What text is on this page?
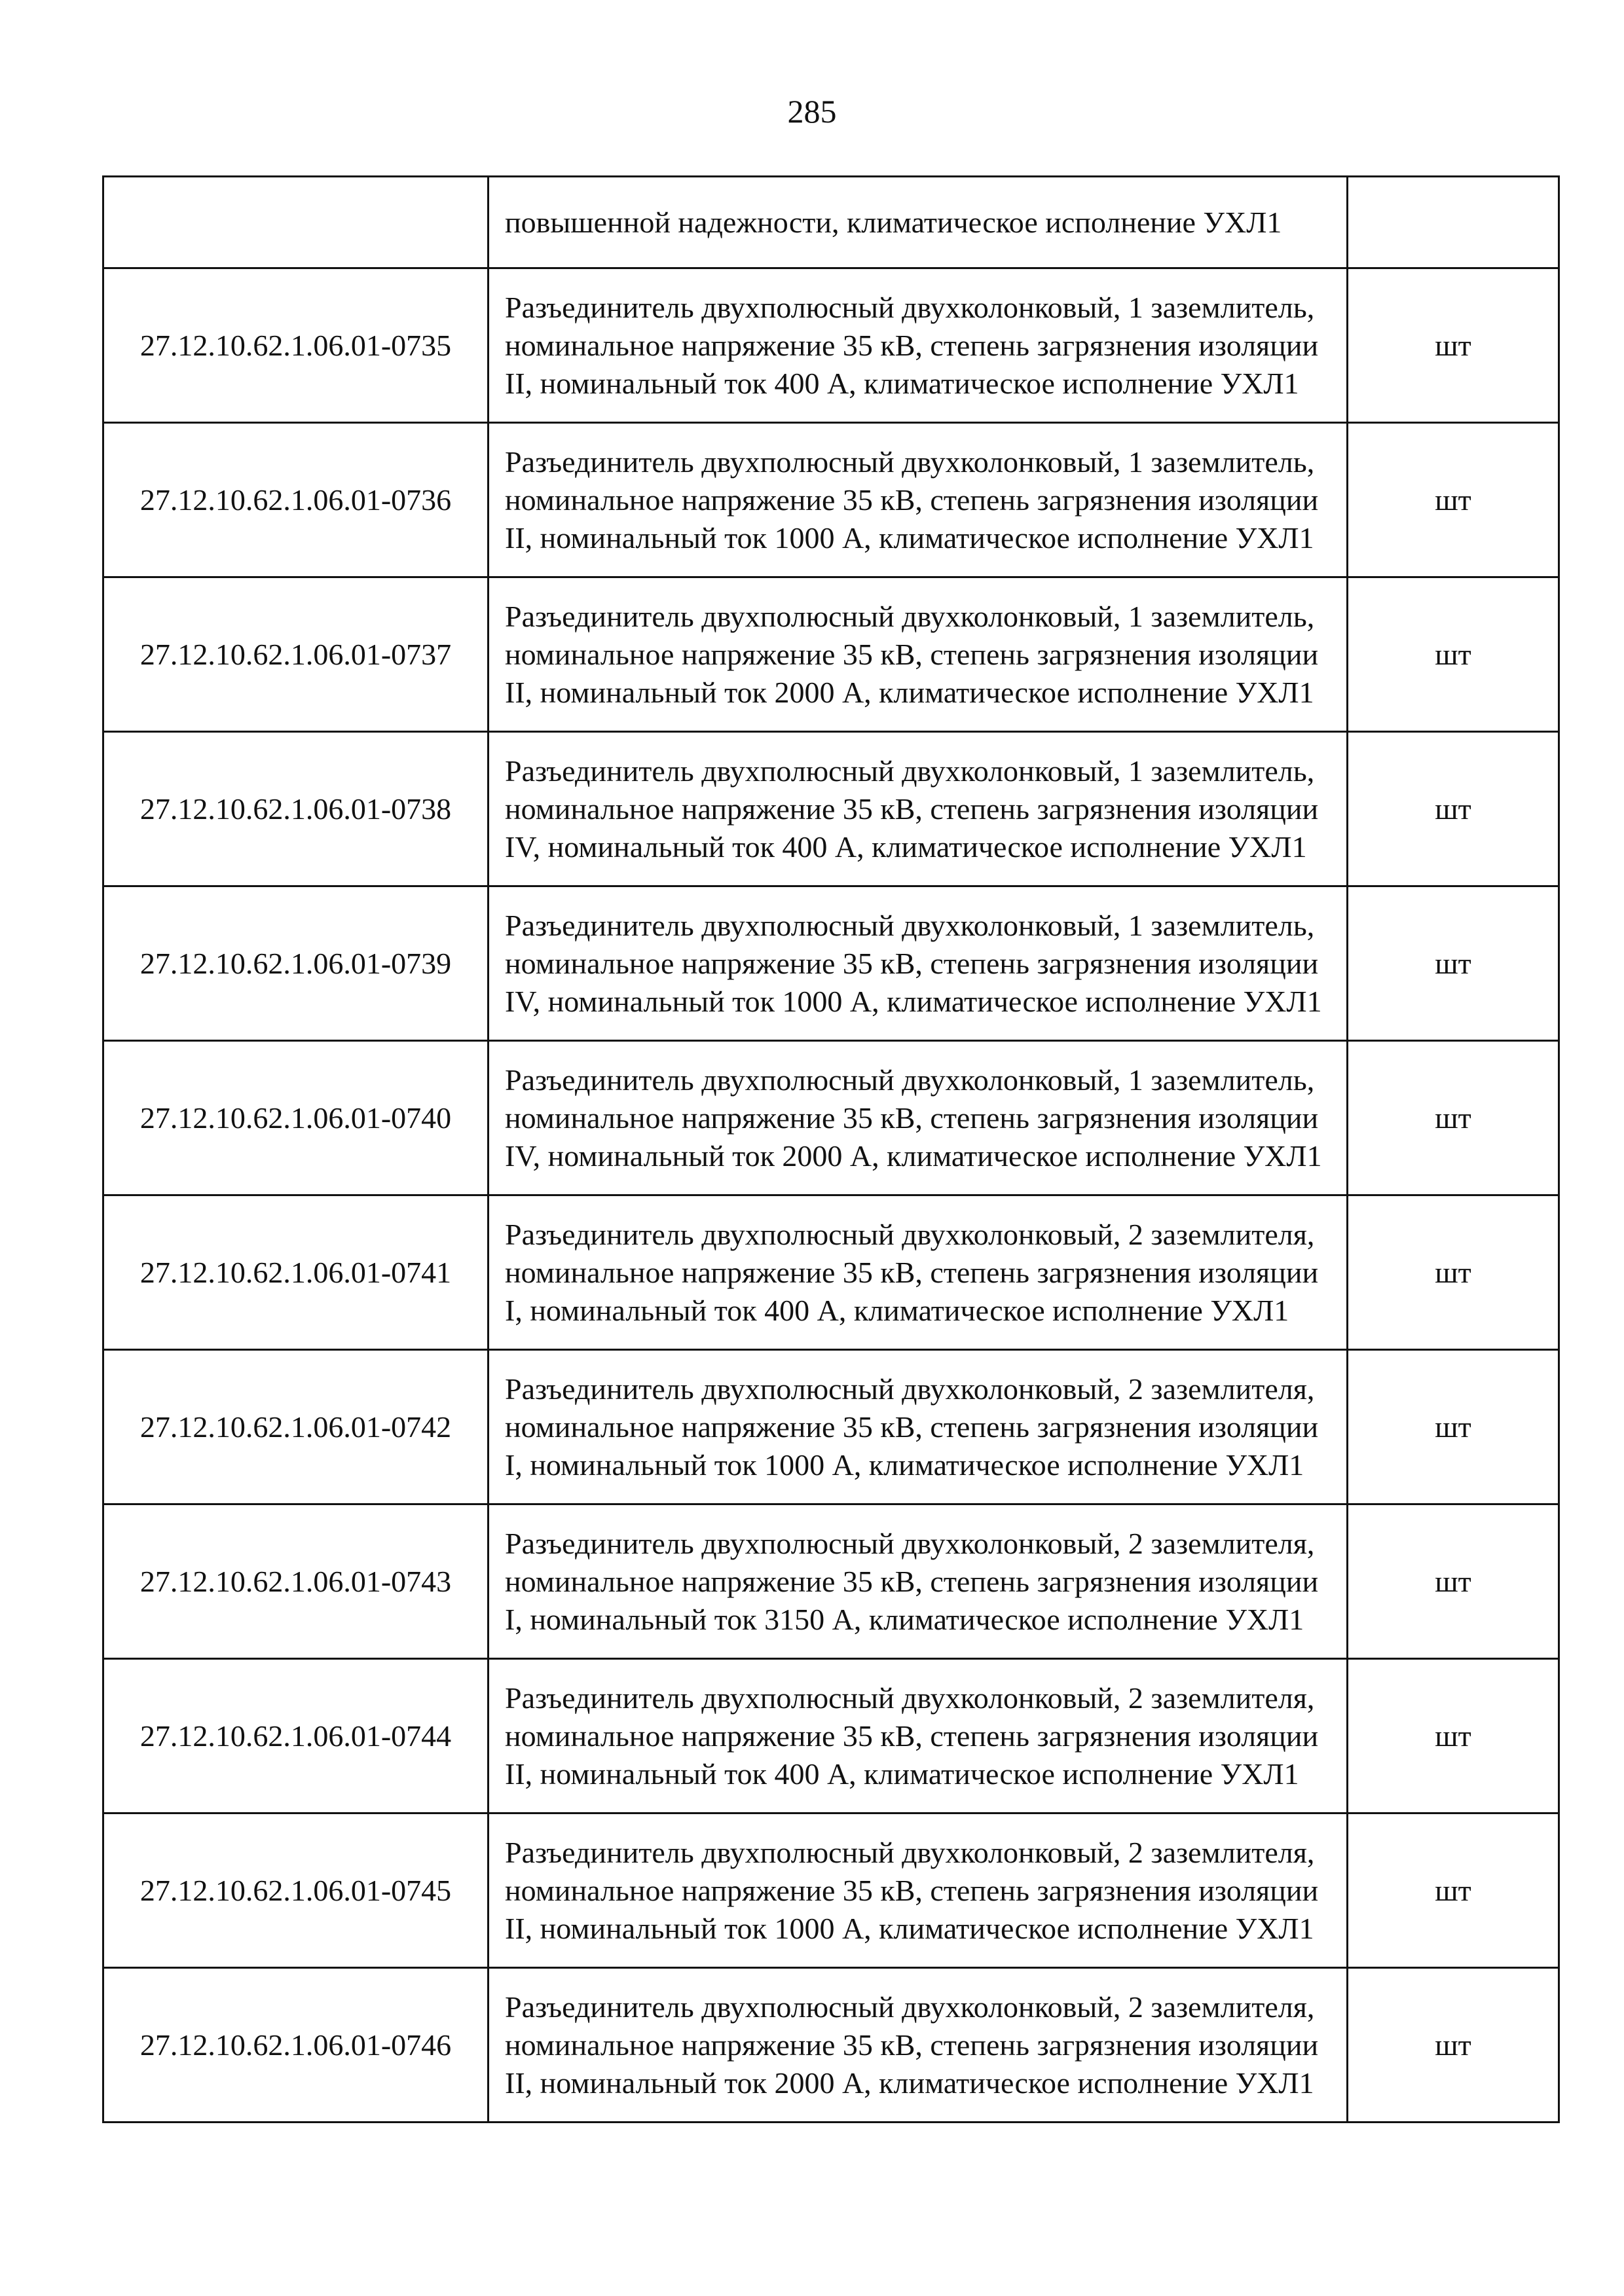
285
	повышенной надежности, климатическое исполнение УХЛ1	
27.12.10.62.1.06.01-0735	Разъединитель двухполюсный двухколонковый, 1 заземлитель, номинальное напряжение 35 кВ, степень загрязнения изоляции II, номинальный ток 400 А, климатическое исполнение УХЛ1	шт
27.12.10.62.1.06.01-0736	Разъединитель двухполюсный двухколонковый, 1 заземлитель, номинальное напряжение 35 кВ, степень загрязнения изоляции II, номинальный ток 1000 А, климатическое исполнение УХЛ1	шт
27.12.10.62.1.06.01-0737	Разъединитель двухполюсный двухколонковый, 1 заземлитель, номинальное напряжение 35 кВ, степень загрязнения изоляции II, номинальный ток 2000 А, климатическое исполнение УХЛ1	шт
27.12.10.62.1.06.01-0738	Разъединитель двухполюсный двухколонковый, 1 заземлитель, номинальное напряжение 35 кВ, степень загрязнения изоляции IV, номинальный ток 400 А, климатическое исполнение УХЛ1	шт
27.12.10.62.1.06.01-0739	Разъединитель двухполюсный двухколонковый, 1 заземлитель, номинальное напряжение 35 кВ, степень загрязнения изоляции IV, номинальный ток 1000 А, климатическое исполнение УХЛ1	шт
27.12.10.62.1.06.01-0740	Разъединитель двухполюсный двухколонковый, 1 заземлитель, номинальное напряжение 35 кВ, степень загрязнения изоляции IV, номинальный ток 2000 А, климатическое исполнение УХЛ1	шт
27.12.10.62.1.06.01-0741	Разъединитель двухполюсный двухколонковый, 2 заземлителя, номинальное напряжение 35 кВ, степень загрязнения изоляции I, номинальный ток 400 А, климатическое исполнение УХЛ1	шт
27.12.10.62.1.06.01-0742	Разъединитель двухполюсный двухколонковый, 2 заземлителя, номинальное напряжение 35 кВ, степень загрязнения изоляции I, номинальный ток 1000 А, климатическое исполнение УХЛ1	шт
27.12.10.62.1.06.01-0743	Разъединитель двухполюсный двухколонковый, 2 заземлителя, номинальное напряжение 35 кВ, степень загрязнения изоляции I, номинальный ток 3150 А, климатическое исполнение УХЛ1	шт
27.12.10.62.1.06.01-0744	Разъединитель двухполюсный двухколонковый, 2 заземлителя, номинальное напряжение 35 кВ, степень загрязнения изоляции II, номинальный ток 400 А, климатическое исполнение УХЛ1	шт
27.12.10.62.1.06.01-0745	Разъединитель двухполюсный двухколонковый, 2 заземлителя, номинальное напряжение 35 кВ, степень загрязнения изоляции II, номинальный ток 1000 А, климатическое исполнение УХЛ1	шт
27.12.10.62.1.06.01-0746	Разъединитель двухполюсный двухколонковый, 2 заземлителя, номинальное напряжение 35 кВ, степень загрязнения изоляции II, номинальный ток 2000 А, климатическое исполнение УХЛ1	шт
